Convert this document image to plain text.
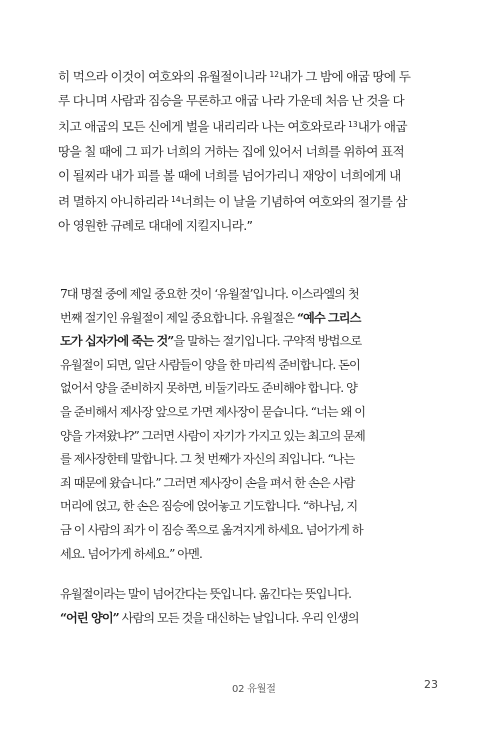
히 먹으라 이것이 여호와의 유월절이니라 $^{12}$내가 그 밤에 애굽 땅에 두
루 다니며 사람과 짐승을 무론하고 애굽 나라 가운데 처음 난 것을 다
치고 애굽의 모든 신에게 벌을 내리리라 나는 여호와로라 $^{13}$내가 애굽
땅을 칠 때에 그 피가 너희의 거하는 집에 있어서 너희를 위하여 표적
이 될찌라 내가 피를 볼 때에 너희를 넘어가리니 재앙이 너희에게 내
려 멸하지 아니하리라 $^{14}$너희는 이 날을 기념하여 여호와의 절기를 삼
아 영원한 규례로 대대에 지킬지니라.”
7대 명절 중에 제일 중요한 것이 ‘유월절’입니다. 이스라엘의 첫
번째 절기인 유월절이 제일 중요합니다. 유월절은 “예수 그리스
도가 십자가에 죽는 것”을 말하는 절기입니다. 구약적 방법으로
유월절이 되면, 일단 사람들이 양을 한 마리씩 준비합니다. 돈이
없어서 양을 준비하지 못하면, 비둘기라도 준비해야 합니다. 양
을 준비해서 제사장 앞으로 가면 제사장이 묻습니다. “너는 왜 이
양을 가져왔냐?” 그러면 사람이 자기가 가지고 있는 최고의 문제
를 제사장한테 말합니다. 그 첫 번째가 자신의 죄입니다. “나는
죄 때문에 왔습니다.” 그러면 제사장이 손을 펴서 한 손은 사람
머리에 얹고, 한 손은 짐승에 얹어놓고 기도합니다. “하나님, 지
금 이 사람의 죄가 이 짐승 쪽으로 옮겨지게 하세요. 넘어가게 하
세요. 넘어가게 하세요.” 아멘.
유월절이라는 말이 넘어간다는 뜻입니다. 옮긴다는 뜻입니다.
“어린 양이” 사람의 모든 것을 대신하는 날입니다. 우리 인생의
02 유월절	23
